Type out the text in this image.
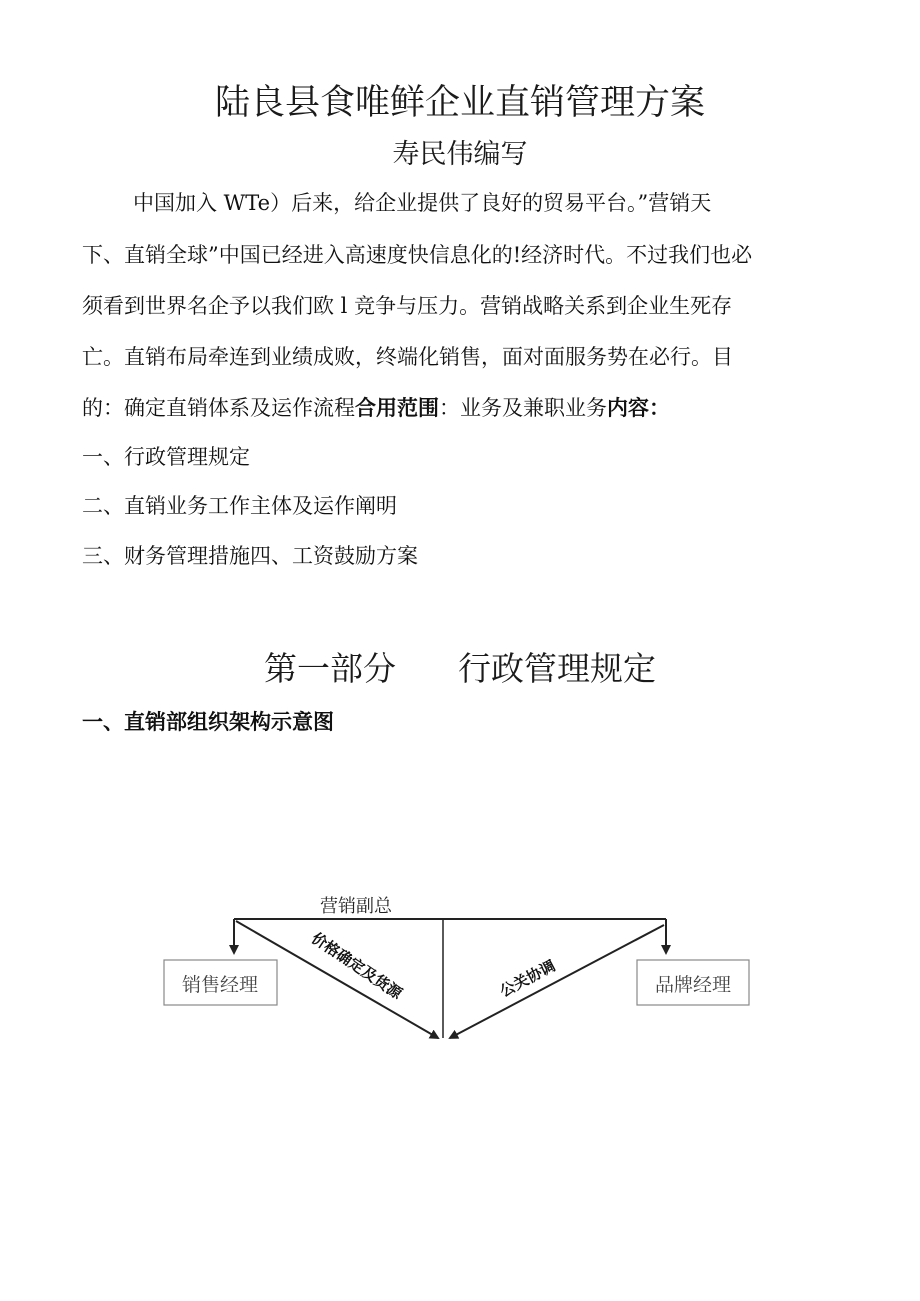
陆良县食唯鲜企业直销管理方案
寿民伟编写
中国加入 WTe）后来，给企业提供了良好的贸易平台。”营销天
下、直销全球”中国已经进入高速度快信息化的!经济时代。不过我们也必
须看到世界名企予以我们欧 l 竞争与压力。营销战略关系到企业生死存
亡。直销布局牵连到业绩成败，终端化销售，面对面服务势在必行。目
的：确定直销体系及运作流程合用范围：业务及兼职业务内容：
一、行政管理规定
二、直销业务工作主体及运作阐明
三、财务管理措施四、工资鼓励方案
第一部分 行政管理规定
一、直销部组织架构示意图
营销副总
销售经理	品牌经理
价格确定及货源	公关协调
